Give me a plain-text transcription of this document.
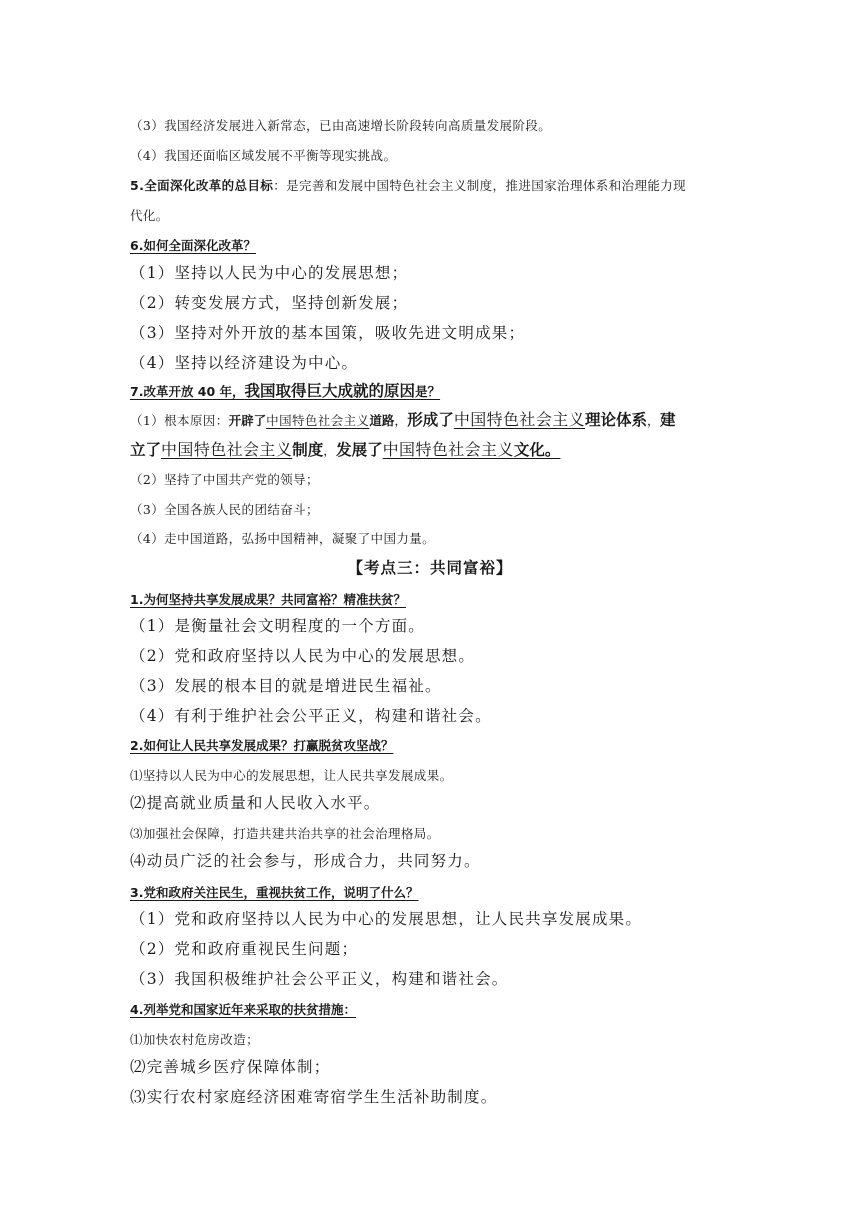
（3）我国经济发展进入新常态，已由高速增长阶段转向高质量发展阶段。
（4）我国还面临区域发展不平衡等现实挑战。
5.全面深化改革的总目标：是完善和发展中国特色社会主义制度，推进国家治理体系和治理能力现
代化。
6.如何全面深化改革？
（1）坚持以人民为中心的发展思想；
（2）转变发展方式，坚持创新发展；
（3）坚持对外开放的基本国策，吸收先进文明成果；
（4）坚持以经济建设为中心。
7.改革开放 40 年，我国取得巨大成就的原因是？
（1）根本原因：开辟了中国特色社会主义道路，形成了中国特色社会主义理论体系，建
立了中国特色社会主义制度，发展了中国特色社会主义文化。
（2）坚持了中国共产党的领导；
（3）全国各族人民的团结奋斗；
（4）走中国道路，弘扬中国精神，凝聚了中国力量。
【考点三：共同富裕】
1.为何坚持共享发展成果？共同富裕？精准扶贫？
（1）是衡量社会文明程度的一个方面。
（2）党和政府坚持以人民为中心的发展思想。
（3）发展的根本目的就是增进民生福祉。
（4）有利于维护社会公平正义，构建和谐社会。
2.如何让人民共享发展成果？打赢脱贫攻坚战？
⑴坚持以人民为中心的发展思想，让人民共享发展成果。
⑵提高就业质量和人民收入水平。
⑶加强社会保障，打造共建共治共享的社会治理格局。
⑷动员广泛的社会参与，形成合力，共同努力。
3.党和政府关注民生，重视扶贫工作，说明了什么？
（1）党和政府坚持以人民为中心的发展思想，让人民共享发展成果。
（2）党和政府重视民生问题；
（3）我国积极维护社会公平正义，构建和谐社会。
4.列举党和国家近年来采取的扶贫措施：
⑴加快农村危房改造；
⑵完善城乡医疗保障体制；
⑶实行农村家庭经济困难寄宿学生生活补助制度。
